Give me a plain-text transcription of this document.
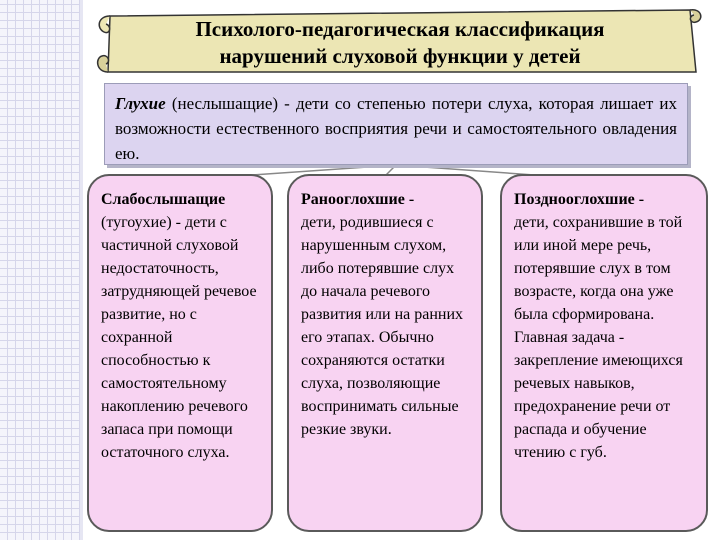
Психолого-педагогическая классификация
нарушений слуховой функции у детей
Глухие (неслышащие) - дети со степенью потери слуха, которая лишает их возможности естественного восприятия речи и самостоятельного овладения ею.
Слабослышащие
(тугоухие) - дети с частичной слуховой недостаточность, затрудняющей речевое развитие, но с сохранной способностью к самостоятельному накоплению речевого запаса при помощи остаточного слуха.
Ранооглохшие -
дети, родившиеся с нарушенным слухом, либо потерявшие слух до начала речевого развития или на ранних его этапах. Обычно сохраняются остатки слуха, позволяющие воспринимать сильные резкие звуки.
Позднооглохшие -
дети, сохранившие в той или иной мере речь, потерявшие слух в том возрасте, когда она уже была сформирована. Главная задача - закрепление имеющихся речевых навыков, предохранение речи от распада и обучение чтению с губ.
